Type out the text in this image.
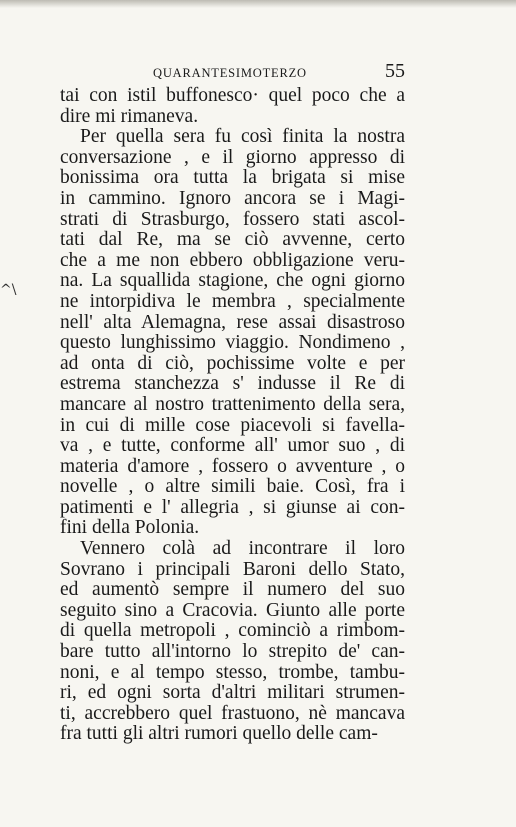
^\
QUARANTESIMOTERZO	55
tai con istil buffonesco· quel poco che a
dire mi rimaneva.
Per quella sera fu così finita la nostra
conversazione , e il giorno appresso di
bonissima ora tutta la brigata si mise
in cammino. Ignoro ancora se i Magi-
strati di Strasburgo, fossero stati ascol-
tati dal Re, ma se ciò avvenne, certo
che a me non ebbero obbligazione veru-
na. La squallida stagione, che ogni giorno
ne intorpidiva le membra , specialmente
nell' alta Alemagna, rese assai disastroso
questo lunghissimo viaggio. Nondimeno ,
ad onta di ciò, pochissime volte e per
estrema stanchezza s' indusse il Re di
mancare al nostro trattenimento della sera,
in cui di mille cose piacevoli si favella-
va , e tutte, conforme all' umor suo , di
materia d'amore , fossero o avventure , o
novelle , o altre simili baie. Così, fra i
patimenti e l' allegria , si giunse ai con-
fini della Polonia.
Vennero colà ad incontrare il loro
Sovrano i principali Baroni dello Stato,
ed aumentò sempre il numero del suo
seguito sino a Cracovia. Giunto alle porte
di quella metropoli , cominciò a rimbom-
bare tutto all'intorno lo strepito de' can-
noni, e al tempo stesso, trombe, tambu-
ri, ed ogni sorta d'altri militari strumen-
ti, accrebbero quel frastuono, nè mancava
fra tutti gli altri rumori quello delle cam-
